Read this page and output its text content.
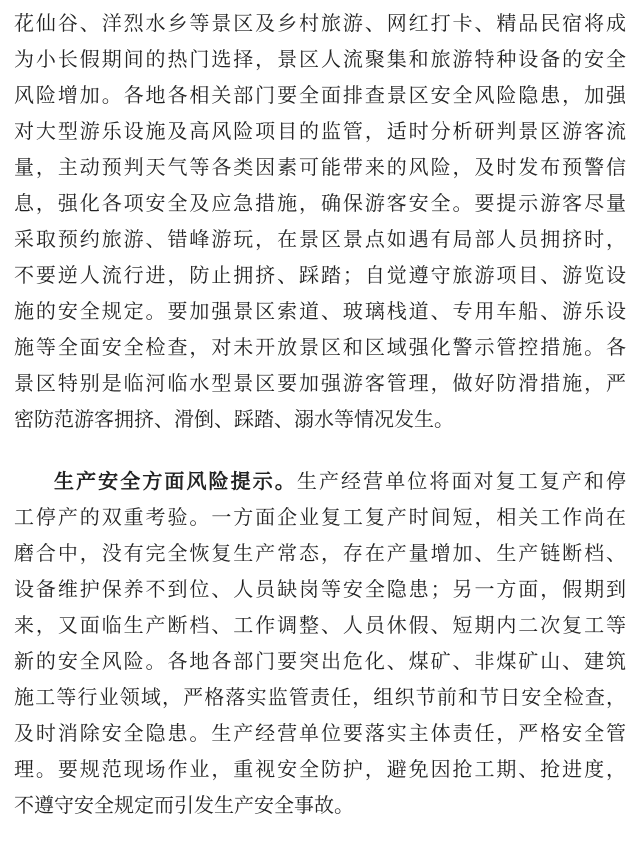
花仙谷、洋烈水乡等景区及乡村旅游、网红打卡、精品民宿将成
为小长假期间的热门选择，景区人流聚集和旅游特种设备的安全
风险增加。各地各相关部门要全面排查景区安全风险隐患，加强
对大型游乐设施及高风险项目的监管，适时分析研判景区游客流
量，主动预判天气等各类因素可能带来的风险，及时发布预警信
息，强化各项安全及应急措施，确保游客安全。要提示游客尽量
采取预约旅游、错峰游玩，在景区景点如遇有局部人员拥挤时，
不要逆人流行进，防止拥挤、踩踏；自觉遵守旅游项目、游览设
施的安全规定。要加强景区索道、玻璃栈道、专用车船、游乐设
施等全面安全检查，对未开放景区和区域强化警示管控措施。各
景区特别是临河临水型景区要加强游客管理，做好防滑措施，严
密防范游客拥挤、滑倒、踩踏、溺水等情况发生。
生产安全方面风险提示。生产经营单位将面对复工复产和停
工停产的双重考验。一方面企业复工复产时间短，相关工作尚在
磨合中，没有完全恢复生产常态，存在产量增加、生产链断档、
设备维护保养不到位、人员缺岗等安全隐患；另一方面，假期到
来，又面临生产断档、工作调整、人员休假、短期内二次复工等
新的安全风险。各地各部门要突出危化、煤矿、非煤矿山、建筑
施工等行业领域，严格落实监管责任，组织节前和节日安全检查，
及时消除安全隐患。生产经营单位要落实主体责任，严格安全管
理。要规范现场作业，重视安全防护，避免因抢工期、抢进度，
不遵守安全规定而引发生产安全事故。
